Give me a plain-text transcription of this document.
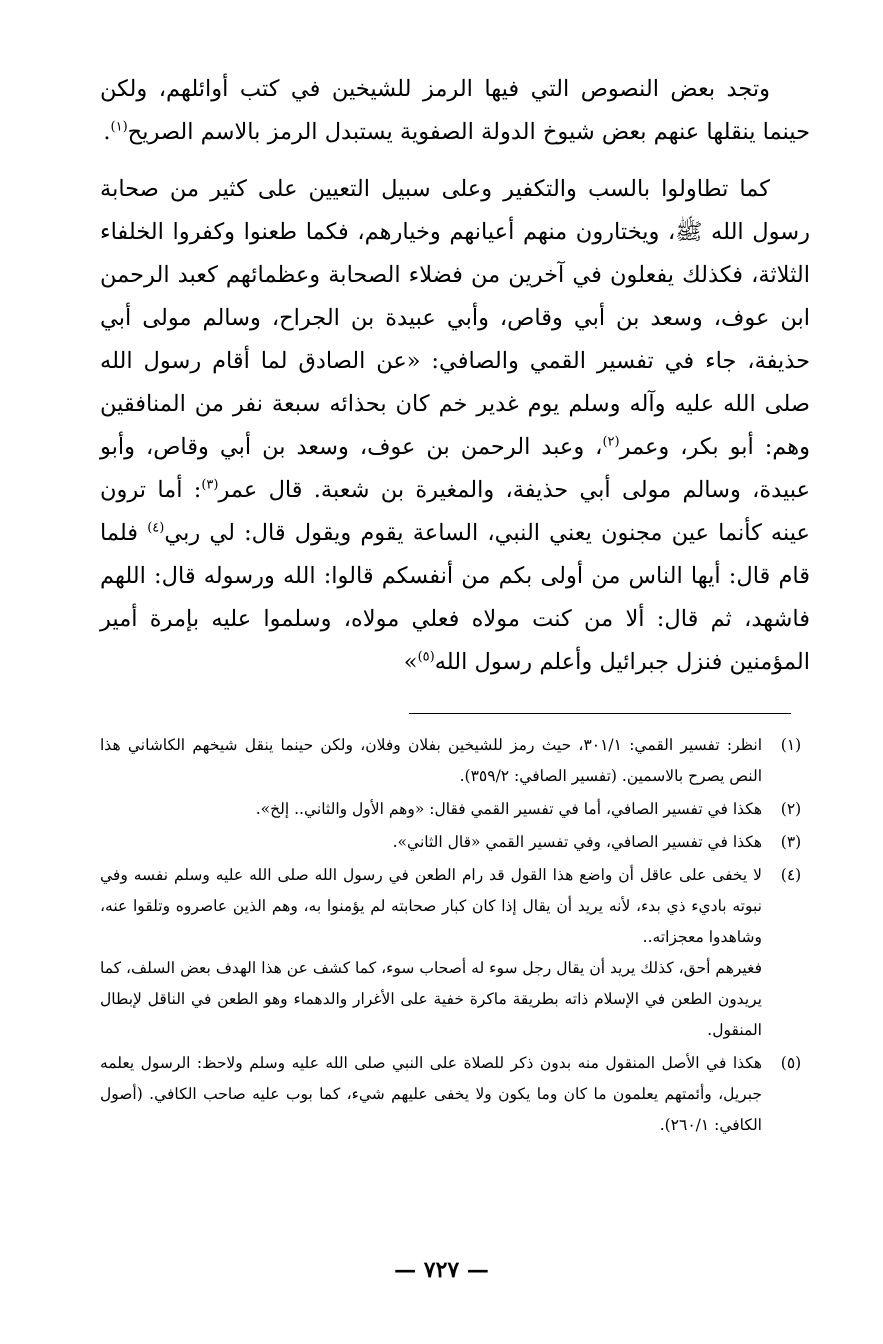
وتجد بعض النصوص التي فيها الرمز للشيخين في كتب أوائلهم، ولكن حينما ينقلها عنهم بعض شيوخ الدولة الصفوية يستبدل الرمز بالاسم الصريح$^{(١)}$.

كما تطاولوا بالسب والتكفير وعلى سبيل التعيين على كثير من صحابة رسول الله ﷺ، ويختارون منهم أعيانهم وخيارهم، فكما طعنوا وكفروا الخلفاء الثلاثة، فكذلك يفعلون في آخرين من فضلاء الصحابة وعظمائهم كعبد الرحمن ابن عوف، وسعد بن أبي وقاص، وأبي عبيدة بن الجراح، وسالم مولى أبي حذيفة، جاء في تفسير القمي والصافي: «عن الصادق لما أقام رسول الله صلى الله عليه وآله وسلم يوم غدير خم كان بحذائه سبعة نفر من المنافقين وهم: أبو بكر، وعمر$^{(٢)}$، وعبد الرحمن بن عوف، وسعد بن أبي وقاص، وأبو عبيدة، وسالم مولى أبي حذيفة، والمغيرة بن شعبة. قال عمر$^{(٣)}$: أما ترون عينه كأنما عين مجنون يعني النبي، الساعة يقوم ويقول قال: لي ربي$^{(٤)}$ فلما قام قال: أيها الناس من أولى بكم من أنفسكم قالوا: الله ورسوله قال: اللهم فاشهد، ثم قال: ألا من كنت مولاه فعلي مولاه، وسلموا عليه بإمرة أمير المؤمنين فنزل جبرائيل وأعلم رسول الله$^{(٥)}$»

(١)

انظر: تفسير القمي: ٣٠١/١، حيث رمز للشيخين بفلان وفلان، ولكن حينما ينقل شيخهم الكاشاني هذا النص يصرح بالاسمين. (تفسير الصافي: ٣٥٩/٢).

(٢)

هكذا في تفسير الصافي، أما في تفسير القمي فقال: «وهم الأول والثاني.. إلخ».

(٣)

هكذا في تفسير الصافي، وفي تفسير القمي «قال الثاني».

(٤)

لا يخفى على عاقل أن واضع هذا القول قد رام الطعن في رسول الله صلى الله عليه وسلم نفسه وفي نبوته باديء ذي بدء، لأنه يريد أن يقال إذا كان كبار صحابته لم يؤمنوا به، وهم الذين عاصروه وتلقوا عنه، وشاهدوا معجزاته..

فغيرهم أحق، كذلك يريد أن يقال رجل سوء له أصحاب سوء، كما كشف عن هذا الهدف بعض السلف، كما يريدون الطعن في الإسلام ذاته بطريقة ماكرة خفية على الأغرار والدهماء وهو الطعن في الناقل لإبطال المنقول.

(٥)

هكذا في الأصل المنقول منه بدون ذكر للصلاة على النبي صلى الله عليه وسلم ولاحظ: الرسول يعلمه جبريل، وأئمتهم يعلمون ما كان وما يكون ولا يخفى عليهم شيء، كما بوب عليه صاحب الكافي. (أصول الكافي: ٢٦٠/١).

— ٧٢٧ —
